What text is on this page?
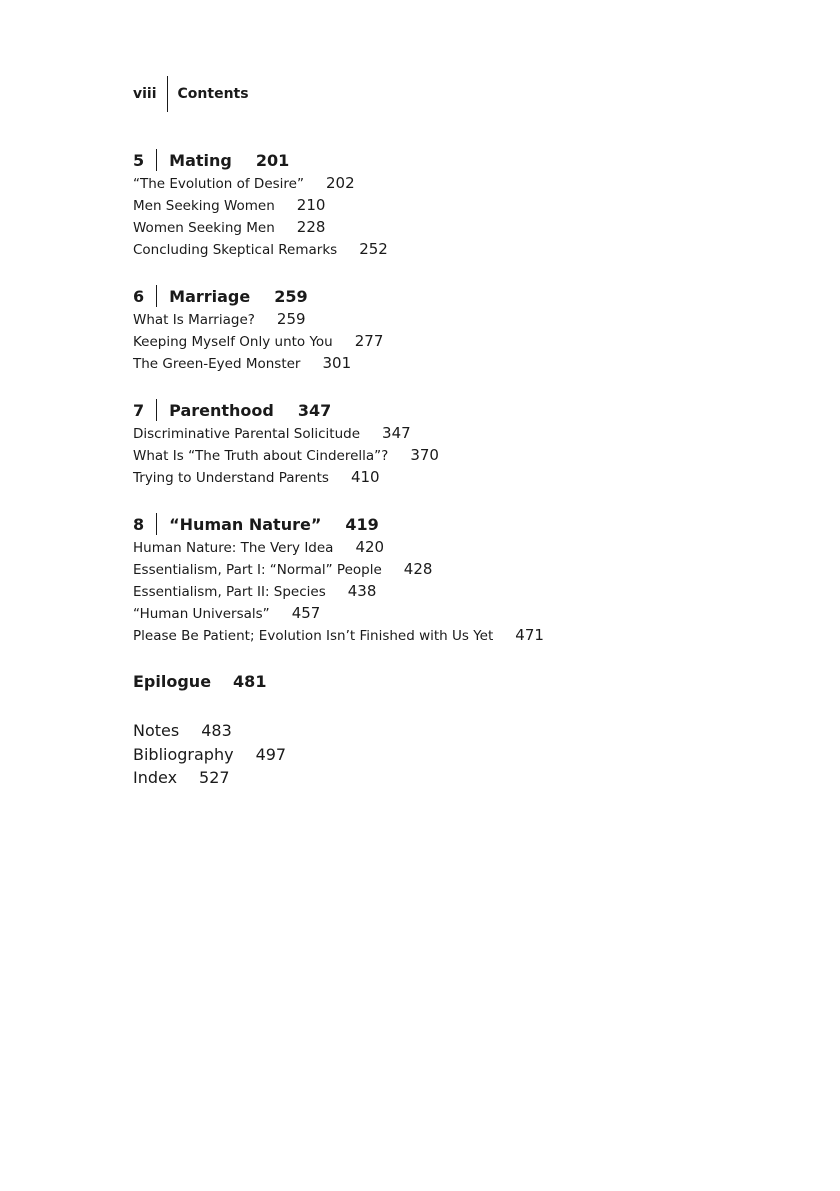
viii	Contents
5	Mating 201
“The Evolution of Desire” 202
Men Seeking Women 210
Women Seeking Men 228
Concluding Skeptical Remarks 252
6	Marriage 259
What Is Marriage? 259
Keeping Myself Only unto You 277
The Green-Eyed Monster 301
7	Parenthood 347
Discriminative Parental Solicitude 347
What Is “The Truth about Cinderella”? 370
Trying to Understand Parents 410
8	“Human Nature” 419
Human Nature: The Very Idea 420
Essentialism, Part I: “Normal” People 428
Essentialism, Part II: Species 438
“Human Universals” 457
Please Be Patient; Evolution Isn’t Finished with Us Yet 471
Epilogue 481
Notes 483
Bibliography 497
Index 527
